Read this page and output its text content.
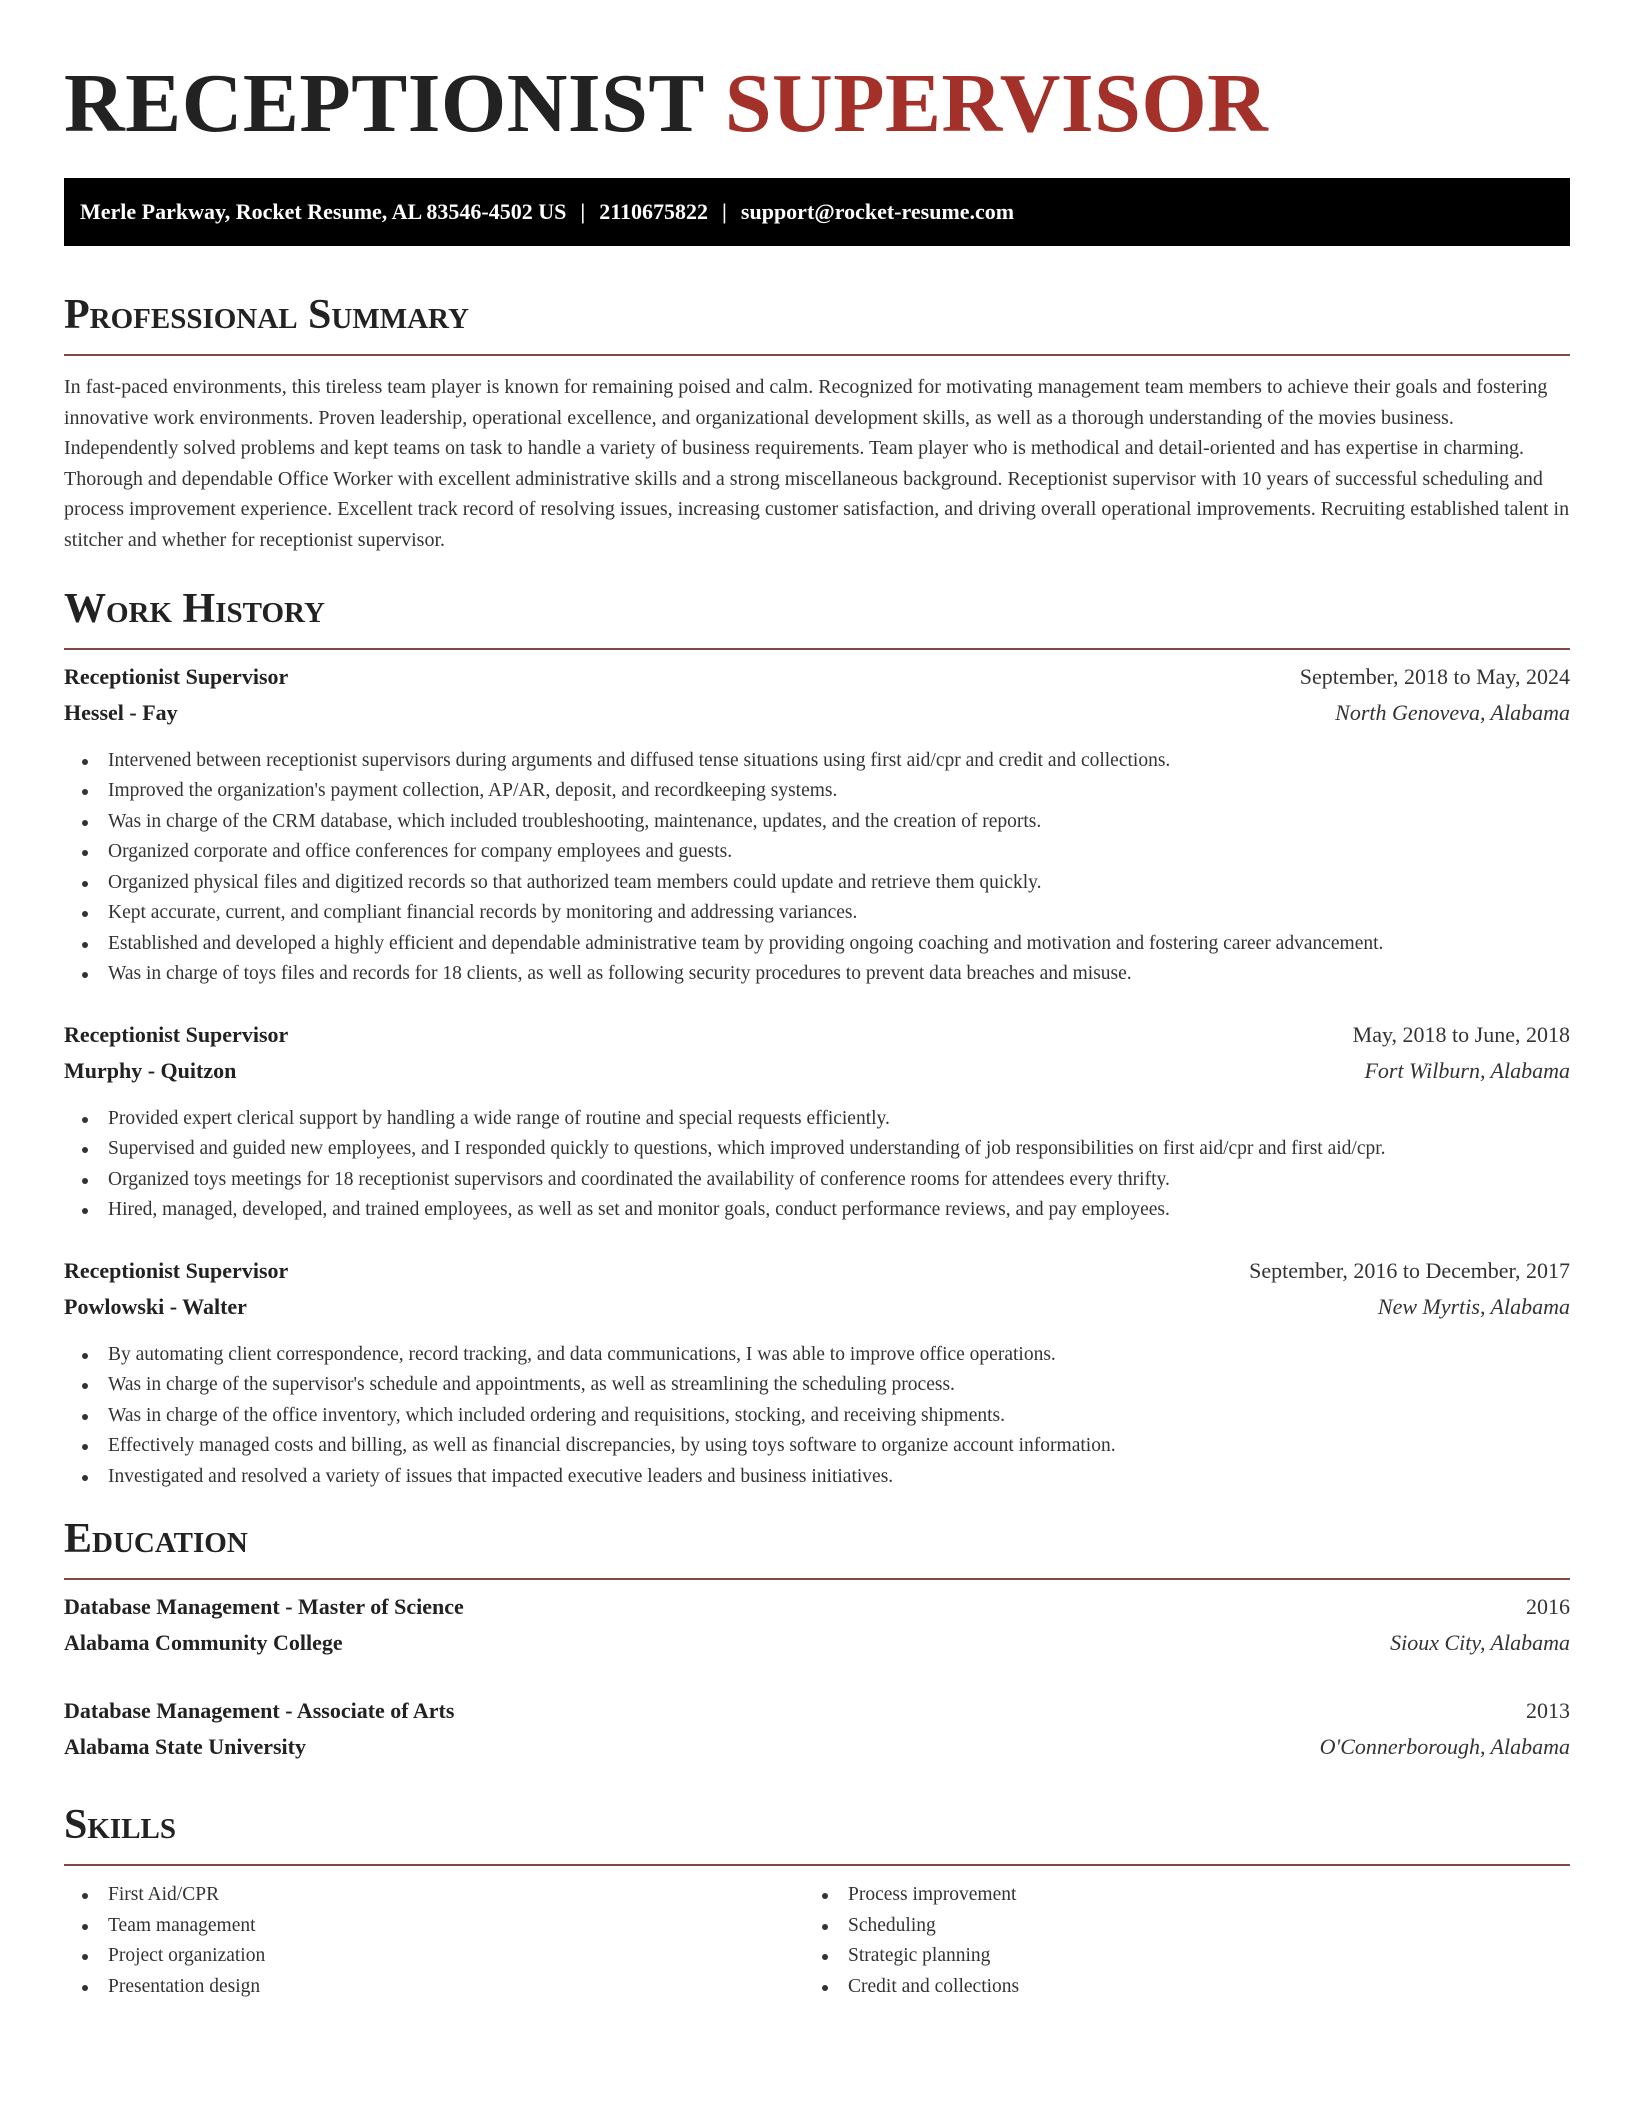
RECEPTIONIST SUPERVISOR
Merle Parkway, Rocket Resume, AL 83546-4502 US | 2110675822 | support@rocket-resume.com
Professional Summary

In fast-paced environments, this tireless team player is known for remaining poised and calm. Recognized for motivating management team members to achieve their goals and fostering innovative work environments. Proven leadership, operational excellence, and organizational development skills, as well as a thorough understanding of the movies business. Independently solved problems and kept teams on task to handle a variety of business requirements. Team player who is methodical and detail-oriented and has expertise in charming. Thorough and dependable Office Worker with excellent administrative skills and a strong miscellaneous background. Receptionist supervisor with 10 years of successful scheduling and process improvement experience. Excellent track record of resolving issues, increasing customer satisfaction, and driving overall operational improvements. Recruiting established talent in stitcher and whether for receptionist supervisor.

Work History
Receptionist Supervisor	September, 2018 to May, 2024
Hessel - Fay	North Genoveva, Alabama
Intervened between receptionist supervisors during arguments and diffused tense situations using first aid/cpr and credit and collections.
Improved the organization's payment collection, AP/AR, deposit, and recordkeeping systems.
Was in charge of the CRM database, which included troubleshooting, maintenance, updates, and the creation of reports.
Organized corporate and office conferences for company employees and guests.
Organized physical files and digitized records so that authorized team members could update and retrieve them quickly.
Kept accurate, current, and compliant financial records by monitoring and addressing variances.
Established and developed a highly efficient and dependable administrative team by providing ongoing coaching and motivation and fostering career advancement.
Was in charge of toys files and records for 18 clients, as well as following security procedures to prevent data breaches and misuse.
Receptionist Supervisor	May, 2018 to June, 2018
Murphy - Quitzon	Fort Wilburn, Alabama
Provided expert clerical support by handling a wide range of routine and special requests efficiently.
Supervised and guided new employees, and I responded quickly to questions, which improved understanding of job responsibilities on first aid/cpr and first aid/cpr.
Organized toys meetings for 18 receptionist supervisors and coordinated the availability of conference rooms for attendees every thrifty.
Hired, managed, developed, and trained employees, as well as set and monitor goals, conduct performance reviews, and pay employees.
Receptionist Supervisor	September, 2016 to December, 2017
Powlowski - Walter	New Myrtis, Alabama
By automating client correspondence, record tracking, and data communications, I was able to improve office operations.
Was in charge of the supervisor's schedule and appointments, as well as streamlining the scheduling process.
Was in charge of the office inventory, which included ordering and requisitions, stocking, and receiving shipments.
Effectively managed costs and billing, as well as financial discrepancies, by using toys software to organize account information.
Investigated and resolved a variety of issues that impacted executive leaders and business initiatives.
Education
Database Management - Master of Science	2016
Alabama Community College	Sioux City, Alabama
Database Management - Associate of Arts	2013
Alabama State University	O'Connerborough, Alabama
Skills
First Aid/CPR
Team management
Project organization
Presentation design
Process improvement
Scheduling
Strategic planning
Credit and collections
